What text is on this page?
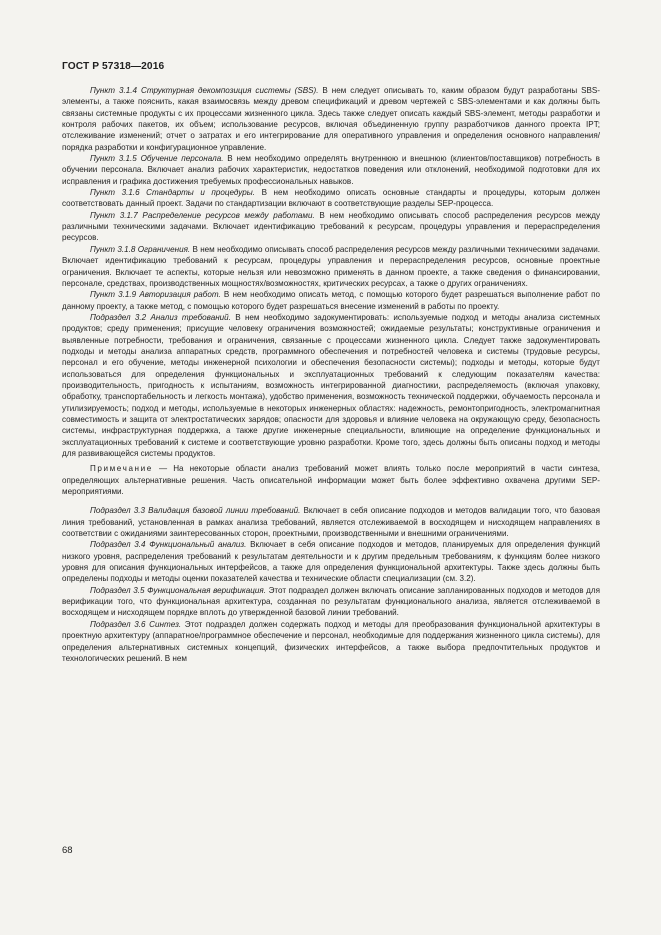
ГОСТ Р 57318—2016

Пункт 3.1.4 Структурная декомпозиция системы (SBS). В нем следует описывать то, каким образом будут разработаны SBS-элементы, а также пояснить, какая взаимосвязь между древом спецификаций и древом чертежей с SBS-элементами и как должны быть связаны системные продукты с их процессами жизненного цикла. Здесь также следует описать каждый SBS-элемент, методы разработки и контроля рабочих пакетов, их объем; использование ресурсов, включая объединенную группу разработчиков данного проекта IPT; отслеживание изменений; отчет о затратах и его интегрирование для оперативного управления и определения основного направления/порядка разработки и конфигурационное управление.

Пункт 3.1.5 Обучение персонала. В нем необходимо определять внутреннюю и внешнюю (клиентов/поставщиков) потребность в обучении персонала. Включает анализ рабочих характеристик, недостатков поведения или отклонений, необходимой подготовки для их исправления и графика достижения требуемых профессиональных навыков.

Пункт 3.1.6 Стандарты и процедуры. В нем необходимо описать основные стандарты и процедуры, которым должен соответствовать данный проект. Задачи по стандартизации включают в соответствующие разделы SEP-процесса.

Пункт 3.1.7 Распределение ресурсов между работами. В нем необходимо описывать способ распределения ресурсов между различными техническими задачами. Включает идентификацию требований к ресурсам, процедуры управления и перераспределения ресурсов.

Пункт 3.1.8 Ограничения. В нем необходимо описывать способ распределения ресурсов между различными техническими задачами. Включает идентификацию требований к ресурсам, процедуры управления и перераспределения ресурсов, основные проектные ограничения. Включает те аспекты, которые нельзя или невозможно применять в данном проекте, а также сведения о финансировании, персонале, средствах, производственных мощностях/возможностях, критических ресурсах, а также о других ограничениях.

Пункт 3.1.9 Авторизация работ. В нем необходимо описать метод, с помощью которого будет разрешаться выполнение работ по данному проекту, а также метод, с помощью которого будет разрешаться внесение изменений в работы по проекту.

Подраздел 3.2 Анализ требований. В нем необходимо задокументировать: используемые подход и методы анализа системных продуктов; среду применения; присущие человеку ограничения возможностей; ожидаемые результаты; конструктивные ограничения и выявленные потребности, требования и ограничения, связанные с процессами жизненного цикла. Следует также задокументировать подходы и методы анализа аппаратных средств, программного обеспечения и потребностей человека и системы (трудовые ресурсы, персонал и его обучение, методы инженерной психологии и обеспечения безопасности системы); подходы и методы, которые будут использоваться для определения функциональных и эксплуатационных требований к следующим показателям качества: производительность, пригодность к испытаниям, возможность интегрированной диагностики, распределяемость (включая упаковку, обработку, транспортабельность и легкость монтажа), удобство применения, возможность технической поддержки, обучаемость персонала и утилизируемость; подход и методы, используемые в некоторых инженерных областях: надежность, ремонтопригодность, электромагнитная совместимость и защита от электростатических зарядов; опасности для здоровья и влияние человека на окружающую среду, безопасность системы, инфраструктурная поддержка, а также другие инженерные специальности, влияющие на определение функциональных и эксплуатационных требований к системе и соответствующие уровню разработки. Кроме того, здесь должны быть описаны подход и методы для развивающейся системы продуктов.

Примечание — На некоторые области анализ требований может влиять только после мероприятий в части синтеза, определяющих альтернативные решения. Часть описательной информации может быть более эффективно охвачена другими SEP-мероприятиями.

Подраздел 3.3 Валидация базовой линии требований. Включает в себя описание подходов и методов валидации того, что базовая линия требований, установленная в рамках анализа требований, является отслеживаемой в восходящем и нисходящем направлениях в соответствии с ожиданиями заинтересованных сторон, проектными, производственными и внешними ограничениями.

Подраздел 3.4 Функциональный анализ. Включает в себя описание подходов и методов, планируемых для определения функций низкого уровня, распределения требований к результатам деятельности и к другим предельным требованиям, к функциям более низкого уровня для описания функциональных интерфейсов, а также для определения функциональной архитектуры. Также здесь должны быть определены подходы и методы оценки показателей качества и технические области специализации (см. 3.2).

Подраздел 3.5 Функциональная верификация. Этот подраздел должен включать описание запланированных подходов и методов для верификации того, что функциональная архитектура, созданная по результатам функционального анализа, является отслеживаемой в восходящем и нисходящем порядке вплоть до утвержденной базовой линии требований.

Подраздел 3.6 Синтез. Этот подраздел должен содержать подход и методы для преобразования функциональной архитектуры в проектную архитектуру (аппаратное/программное обеспечение и персонал, необходимые для поддержания жизненного цикла системы), для определения альтернативных системных концепций, физических интерфейсов, а также выбора предпочтительных продуктов и технологических решений. В нем

68
